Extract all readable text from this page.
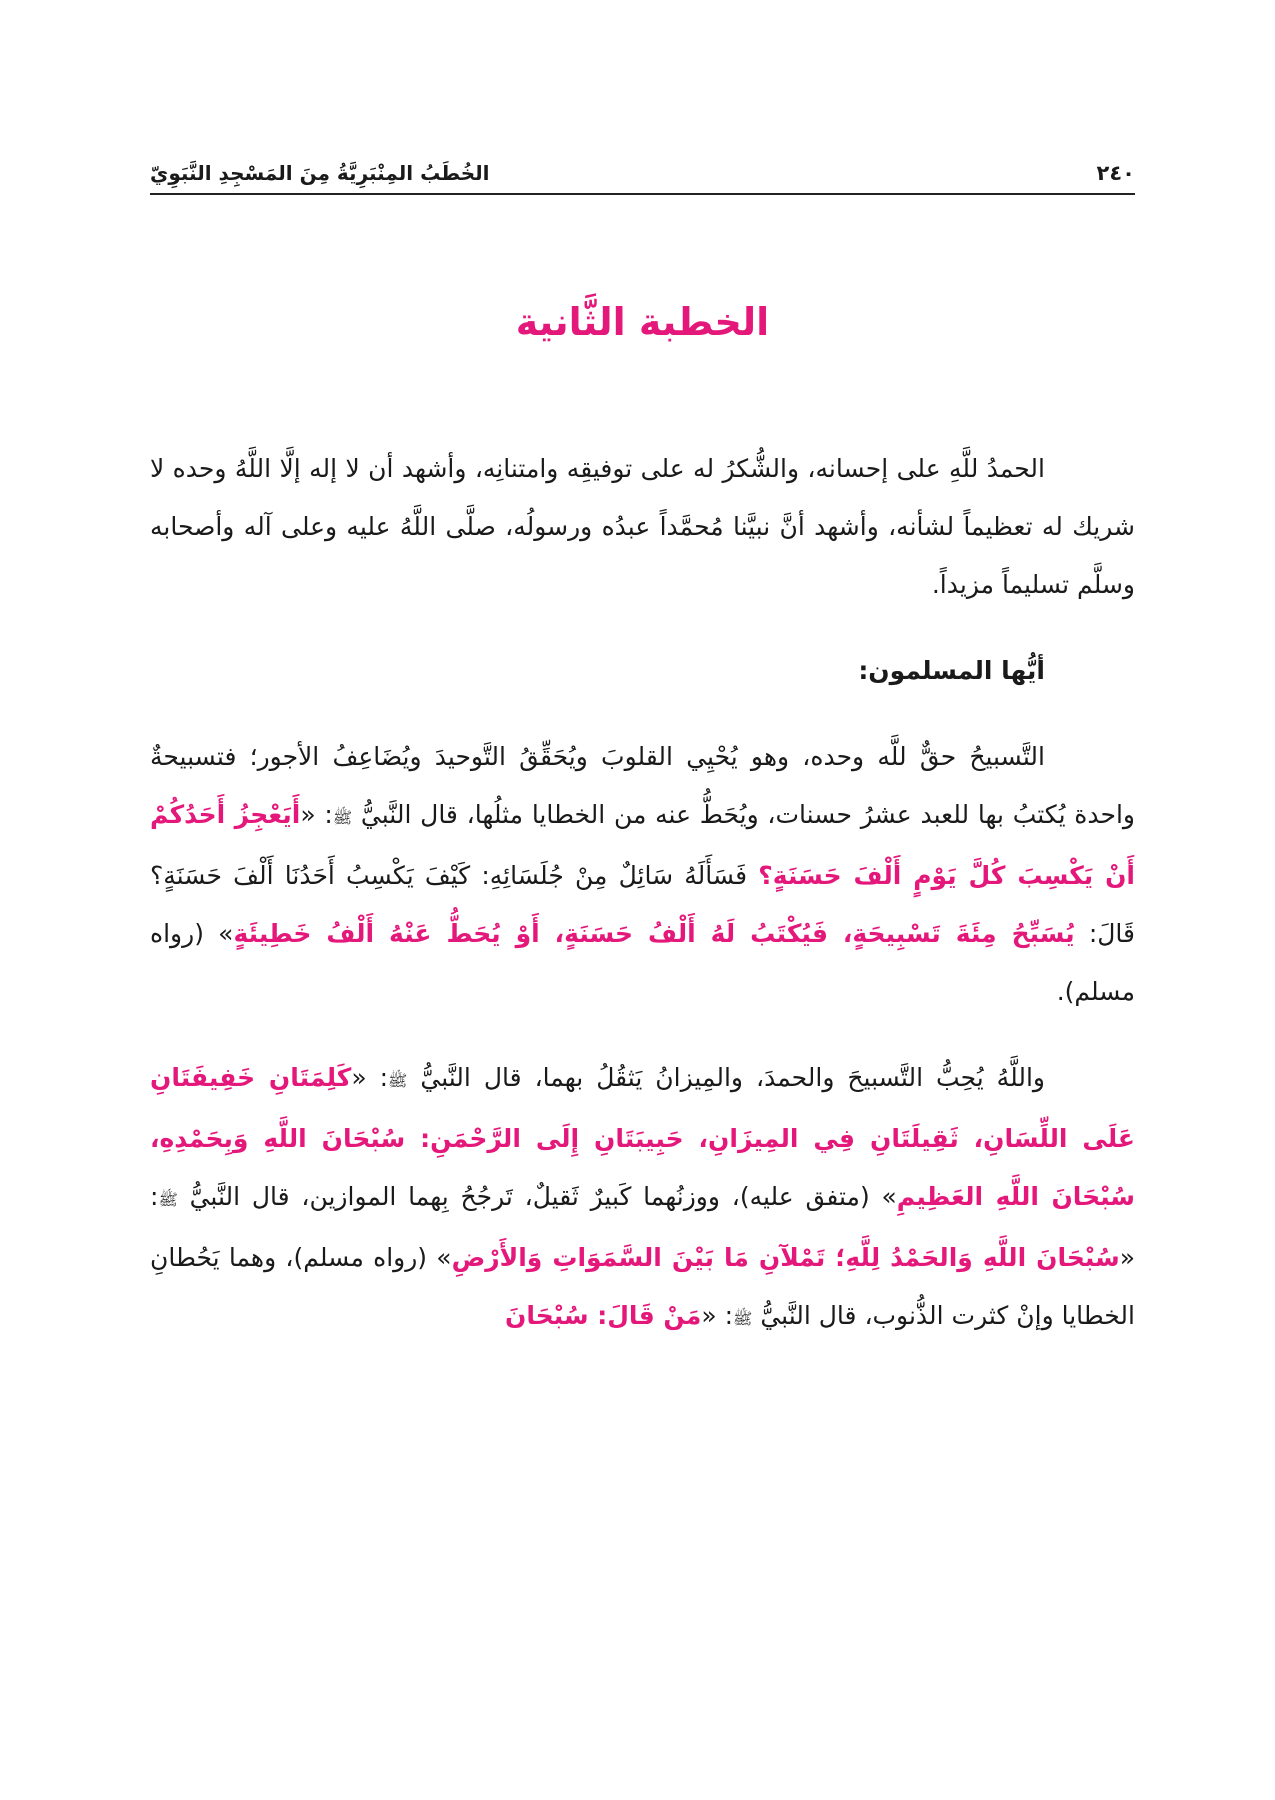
٢٤٠
الخُطَبُ المِنْبَرِيَّةُ مِنَ المَسْجِدِ النَّبَوِيّ
الخطبة الثَّانية

الحمدُ للَّهِ على إحسانه، والشُّكرُ له على توفيقِه وامتنانِه، وأشهد أن لا إله إلَّا اللَّهُ وحده لا شريك له تعظيماً لشأنه، وأشهد أنَّ نبيَّنا مُحمَّداً عبدُه ورسولُه، صلَّى اللَّهُ عليه وعلى آله وأصحابه وسلَّم تسليماً مزيداً.

أيُّها المسلمون:

التَّسبيحُ حقٌّ للَّه وحده، وهو يُحْيِي القلوبَ ويُحَقِّقُ التَّوحيدَ ويُضَاعِفُ الأجور؛ فتسبيحةٌ واحدة يُكتبُ بها للعبد عشرُ حسنات، ويُحَطُّ عنه من الخطايا مثلُها، قال النَّبيُّ ﷺ: «أَيَعْجِزُ أَحَدُكُمْ أَنْ يَكْسِبَ كُلَّ يَوْمٍ أَلْفَ حَسَنَةٍ؟ فَسَأَلَهُ سَائِلٌ مِنْ جُلَسَائِهِ: كَيْفَ يَكْسِبُ أَحَدُنَا أَلْفَ حَسَنَةٍ؟ قَالَ: يُسَبِّحُ مِئَةَ تَسْبِيحَةٍ، فَيُكْتَبُ لَهُ أَلْفُ حَسَنَةٍ، أَوْ يُحَطُّ عَنْهُ أَلْفُ خَطِيئَةٍ» (رواه مسلم).

واللَّهُ يُحِبُّ التَّسبيحَ والحمدَ، والمِيزانُ يَثقُلُ بهما، قال النَّبيُّ ﷺ: «كَلِمَتَانِ خَفِيفَتَانِ عَلَى اللِّسَانِ، ثَقِيلَتَانِ فِي المِيزَانِ، حَبِيبَتَانِ إِلَى الرَّحْمَنِ: سُبْحَانَ اللَّهِ وَبِحَمْدِهِ، سُبْحَانَ اللَّهِ العَظِيمِ» (متفق عليه)، ووزنُهما كَبيرٌ ثَقيلٌ، تَرجُحُ بِهما الموازين، قال النَّبيُّ ﷺ: «سُبْحَانَ اللَّهِ وَالحَمْدُ لِلَّهِ؛ تَمْلآنِ مَا بَيْنَ السَّمَوَاتِ وَالأَرْضِ» (رواه مسلم)، وهما يَحُطانِ الخطايا وإنْ كثرت الذُّنوب، قال النَّبيُّ ﷺ: «مَنْ قَالَ: سُبْحَانَ
